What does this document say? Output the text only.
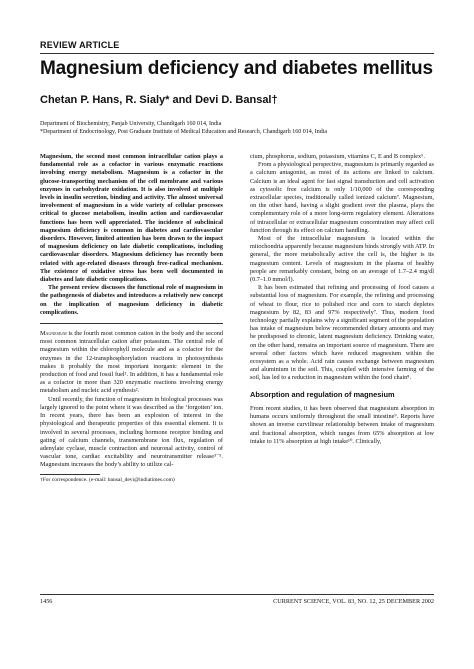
REVIEW ARTICLE
Magnesium deficiency and diabetes mellitus
Chetan P. Hans, R. Sialy* and Devi D. Bansal†
Department of Biochemistry, Panjab University, Chandigarh 160 014, India
*Department of Endocrinology, Post Graduate Institute of Medical Education and Research, Chandigarh 160 014, India

Magnesium, the second most common intracellular cation plays a fundamental role as a cofactor in various enzymatic reactions involving energy metabolism. Magnesium is a cofactor in the glucose-transporting mechanism of the cell membrane and various enzymes in carbohydrate oxidation. It is also involved at multiple levels in insulin secretion, binding and activity. The almost universal involvement of magnesium in a wide variety of cellular processes critical to glucose metabolism, insulin action and cardiovascular functions has been well appreciated. The incidence of subclinical magnesium deficiency is common in diabetes and cardiovascular disorders. However, limited attention has been drawn to the impact of magnesium deficiency on late diabetic complications, including cardiovascular disorders. Magnesium deficiency has recently been related with age-related diseases through free-radical mechanism. The existence of oxidative stress has been well documented in diabetes and late diabetic complications.

The present review discusses the functional role of magnesium in the pathogenesis of diabetes and introduces a relatively new concept on the implication of magnesium deficiency in diabetic complications.

Magnesium is the fourth most common cation in the body and the second most common intracellular cation after potassium. The central role of magnesium within the chlorophyll molecule and as a cofactor for the enzymes in the 12-transphosphorylation reactions in photosynthesis makes it probably the most important inorganic element in the production of food and fossil fuel¹. In addition, it has a fundamental role as a cofactor in more than 320 enzymatic reactions involving energy metabolism and nucleic acid synthesis².

Until recently, the function of magnesium in biological processes was largely ignored to the point where it was described as the ‘forgotten’ ion. In recent years, there has been an explosion of interest in the physiological and therapeutic properties of this essential element. It is involved in several processes, including hormone receptor binding and gating of calcium channels, transmembrane ion flux, regulation of adenylate cyclase, muscle contraction and neuronal activity, control of vascular tone, cardiac excitability and neurotransmitter release³⁻⁵. Magnesium increases the body’s ability to utilize cal-

†For correspondence. (e-mail: bansal_devi@indiatimes.com)

cium, phosphorus, sodium, potassium, vitamins C, E and B complex⁶.

From a physiological perspective, magnesium is primarily regarded as a calcium antagonist, as most of its actions are linked to calcium. Calcium is an ideal agent for fast signal transduction and cell activation as cytosolic free calcium is only 1/10,000 of the corresponding extracellular species, traditionally called ionized calcium⁷. Magnesium, on the other hand, having a slight gradient over the plasma, plays the complementary role of a more long-term regulatory element. Alterations of intracellular or extracellular magnesium concentration may affect cell function through its effect on calcium handling.

Most of the intracellular magnesium is located within the mitochondria apparently because magnesium binds strongly with ATP. In general, the more metabolically active the cell is, the higher is its magnesium content. Levels of magnesium in the plasma of healthy people are remarkably constant, being on an average of 1.7–2.4 mg/dl (0.7–1.0 mmol/l).

It has been estimated that refining and processing of food causes a substantial loss of magnesium. For example, the refining and processing of wheat to flour, rice to polished rice and corn to starch depletes magnesium by 82, 83 and 97% respectively⁷. Thus, modern food technology partially explains why a significant segment of the population has intake of magnesium below recommended dietary amounts and may be predisposed to chronic, latent magnesium deficiency. Drinking water, on the other hand, remains an important source of magnesium. There are several other factors which have reduced magnesium within the ecosystem as a whole. Acid rain causes exchange between magnesium and aluminium in the soil. This, coupled with intensive farming of the soil, has led to a reduction in magnesium within the food chain⁸.

Absorption and regulation of magnesium

From recent studies, it has been observed that magnesium absorption in humans occurs uniformly throughout the small intestine⁹. Reports have shown an inverse curvilinear relationship between intake of magnesium and fractional absorption, which ranges from 65% absorption at low intake to 11% absorption at high intake¹⁰. Clinically,

1456	CURRENT SCIENCE, VOL. 83, NO. 12, 25 DECEMBER 2002
